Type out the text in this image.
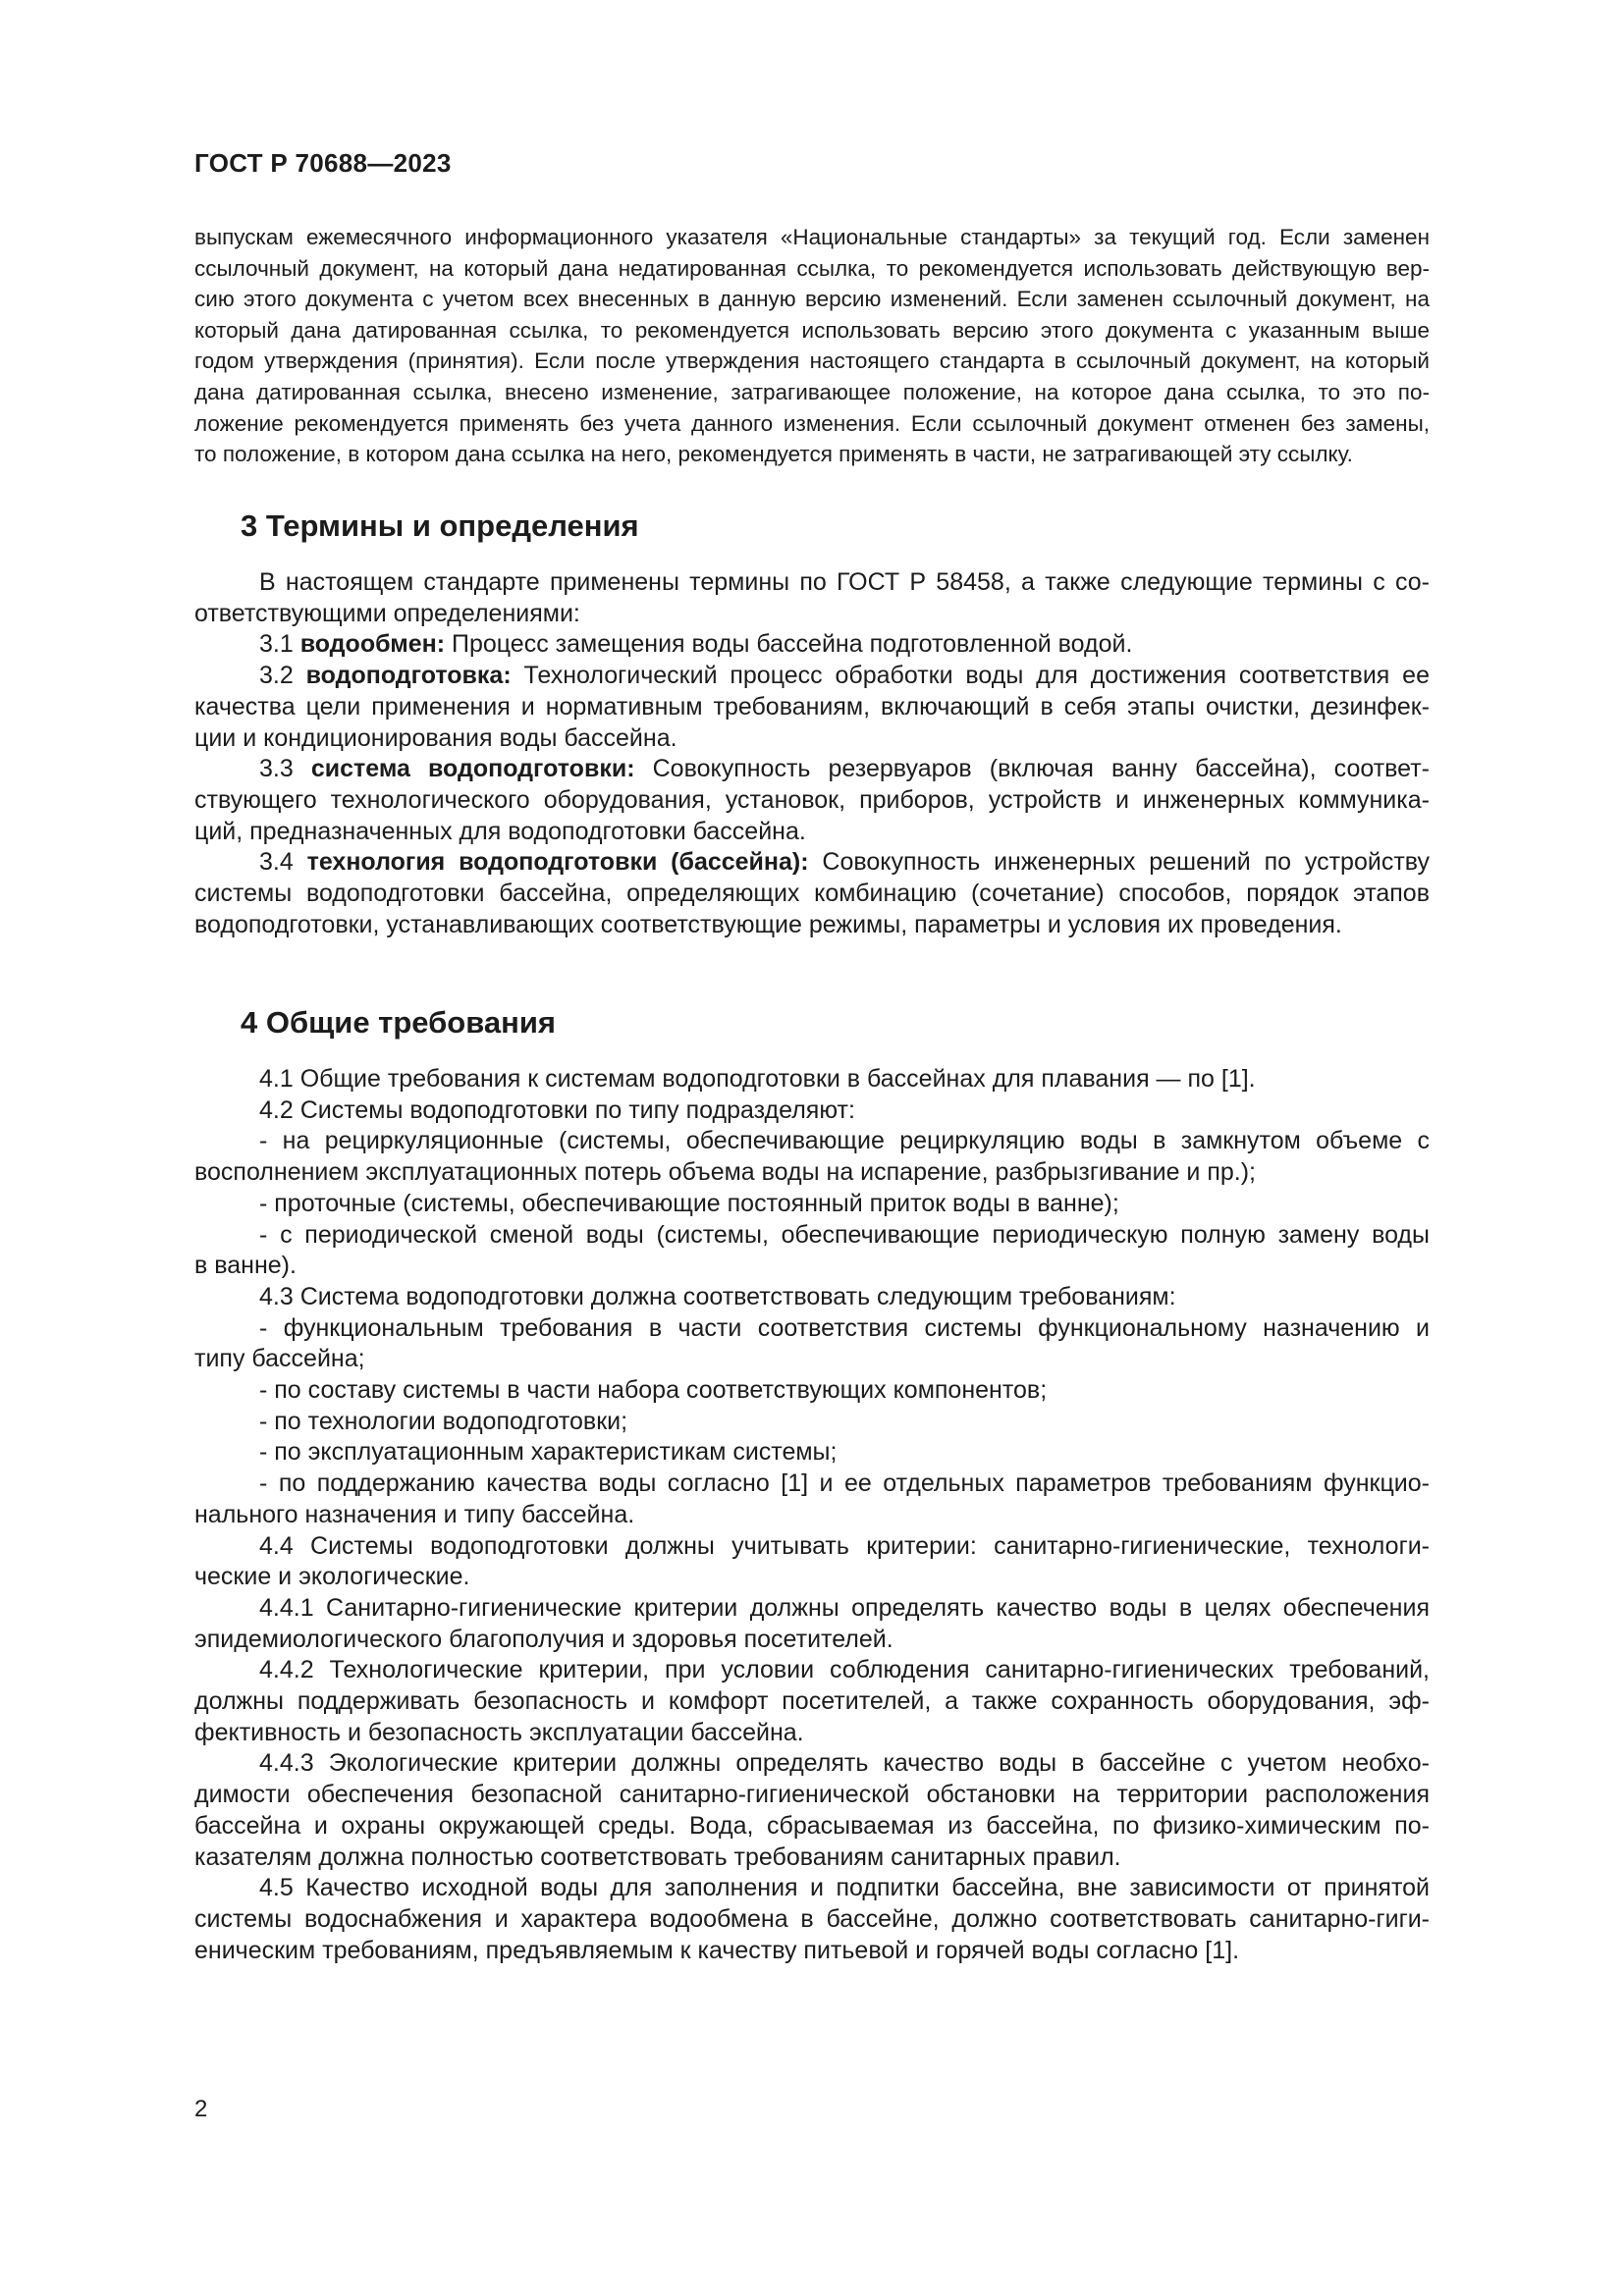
ГОСТ Р 70688—2023

выпускам ежемесячного информационного указателя «Национальные стандарты» за текущий год. Если заменен
ссылочный документ, на который дана недатированная ссылка, то рекомендуется использовать действующую вер-
сию этого документа с учетом всех внесенных в данную версию изменений. Если заменен ссылочный документ, на
который дана датированная ссылка, то рекомендуется использовать версию этого документа с указанным выше
годом утверждения (принятия). Если после утверждения настоящего стандарта в ссылочный документ, на который
дана датированная ссылка, внесено изменение, затрагивающее положение, на которое дана ссылка, то это по-
ложение рекомендуется применять без учета данного изменения. Если ссылочный документ отменен без замены,
то положение, в котором дана ссылка на него, рекомендуется применять в части, не затрагивающей эту ссылку.
3 Термины и определения
В настоящем стандарте применены термины по ГОСТ Р 58458, а также следующие термины с со-
ответствующими определениями:
3.1 водообмен: Процесс замещения воды бассейна подготовленной водой.
3.2 водоподготовка: Технологический процесс обработки воды для достижения соответствия ее
качества цели применения и нормативным требованиям, включающий в себя этапы очистки, дезинфек-
ции и кондиционирования воды бассейна.
3.3 система водоподготовки: Совокупность резервуаров (включая ванну бассейна), соответ-
ствующего технологического оборудования, установок, приборов, устройств и инженерных коммуника-
ций, предназначенных для водоподготовки бассейна.
3.4 технология водоподготовки (бассейна): Совокупность инженерных решений по устройству
системы водоподготовки бассейна, определяющих комбинацию (сочетание) способов, порядок этапов
водоподготовки, устанавливающих соответствующие режимы, параметры и условия их проведения.
4 Общие требования
4.1 Общие требования к системам водоподготовки в бассейнах для плавания — по [1].
4.2 Системы водоподготовки по типу подразделяют:
- на рециркуляционные (системы, обеспечивающие рециркуляцию воды в замкнутом объеме с
восполнением эксплуатационных потерь объема воды на испарение, разбрызгивание и пр.);
- проточные (системы, обеспечивающие постоянный приток воды в ванне);
- с периодической сменой воды (системы, обеспечивающие периодическую полную замену воды
в ванне).
4.3 Система водоподготовки должна соответствовать следующим требованиям:
- функциональным требования в части соответствия системы функциональному назначению и
типу бассейна;
- по составу системы в части набора соответствующих компонентов;
- по технологии водоподготовки;
- по эксплуатационным характеристикам системы;
- по поддержанию качества воды согласно [1] и ее отдельных параметров требованиям функцио-
нального назначения и типу бассейна.
4.4 Системы водоподготовки должны учитывать критерии: санитарно-гигиенические, технологи-
ческие и экологические.
4.4.1 Санитарно-гигиенические критерии должны определять качество воды в целях обеспечения
эпидемиологического благополучия и здоровья посетителей.
4.4.2 Технологические критерии, при условии соблюдения санитарно-гигиенических требований,
должны поддерживать безопасность и комфорт посетителей, а также сохранность оборудования, эф-
фективность и безопасность эксплуатации бассейна.
4.4.3 Экологические критерии должны определять качество воды в бассейне с учетом необхо-
димости обеспечения безопасной санитарно-гигиенической обстановки на территории расположения
бассейна и охраны окружающей среды. Вода, сбрасываемая из бассейна, по физико-химическим по-
казателям должна полностью соответствовать требованиям санитарных правил.
4.5 Качество исходной воды для заполнения и подпитки бассейна, вне зависимости от принятой
системы водоснабжения и характера водообмена в бассейне, должно соответствовать санитарно-гиги-
еническим требованиям, предъявляемым к качеству питьевой и горячей воды согласно [1].

2
